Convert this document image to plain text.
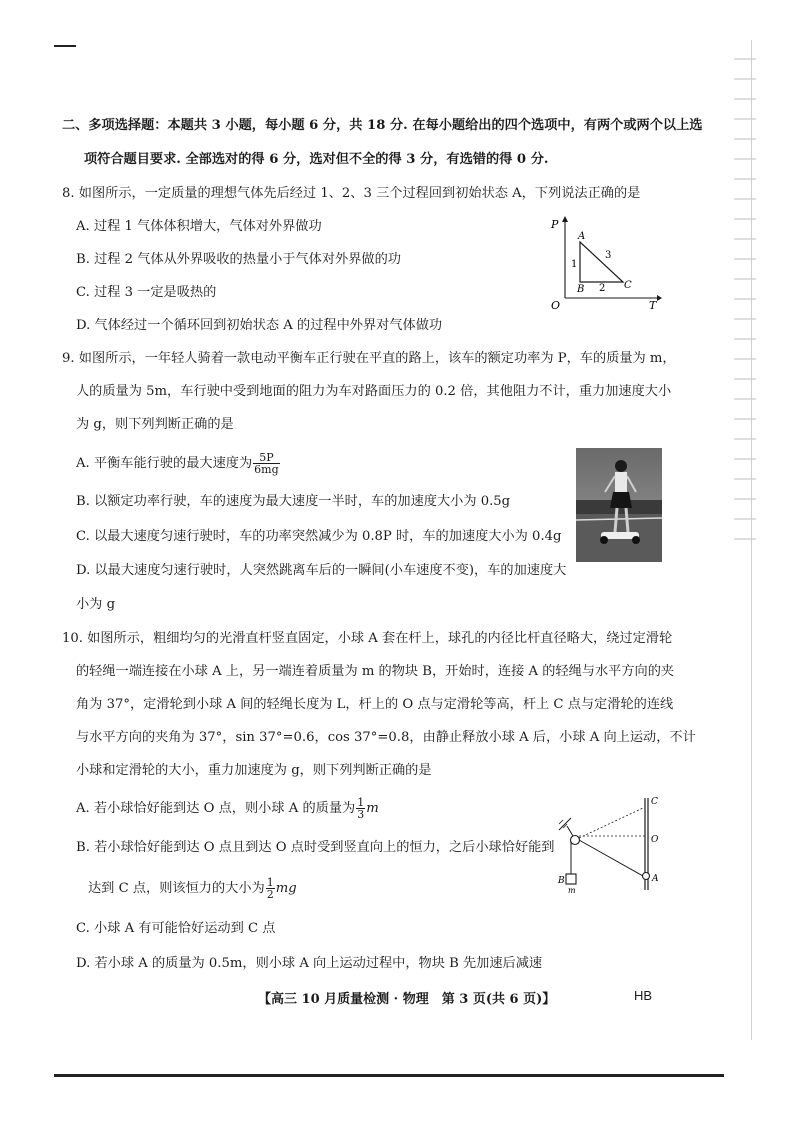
二、多项选择题：本题共 3 小题，每小题 6 分，共 18 分. 在每小题给出的四个选项中，有两个或两个以上选
项符合题目要求. 全部选对的得 6 分，选对但不全的得 3 分，有选错的得 0 分.
8. 如图所示，一定质量的理想气体先后经过 1、2、3 三个过程回到初始状态 A，下列说法正确的是
A. 过程 1 气体体积增大，气体对外界做功
B. 过程 2 气体从外界吸收的热量小于气体对外界做的功
C. 过程 3 一定是吸热的
D. 气体经过一个循环回到初始状态 A 的过程中外界对气体做功
P
T
O
A
B	C
1
2
3
9. 如图所示，一年轻人骑着一款电动平衡车正行驶在平直的路上，该车的额定功率为 P，车的质量为 m，
人的质量为 5m，车行驶中受到地面的阻力为车对路面压力的 0.2 倍，其他阻力不计，重力加速度大小
为 g，则下列判断正确的是
A. 平衡车能行驶的最大速度为 $\frac{5P}{6mg}$
B. 以额定功率行驶，车的速度为最大速度一半时，车的加速度大小为 0.5g
C. 以最大速度匀速行驶时，车的功率突然减少为 0.8P 时，车的加速度大小为 0.4g
D. 以最大速度匀速行驶时，人突然跳离车后的一瞬间(小车速度不变)，车的加速度大
小为 g
10. 如图所示，粗细均匀的光滑直杆竖直固定，小球 A 套在杆上，球孔的内径比杆直径略大，绕过定滑轮
的轻绳一端连接在小球 A 上，另一端连着质量为 m 的物块 B，开始时，连接 A 的轻绳与水平方向的夹
角为 37°，定滑轮到小球 A 间的轻绳长度为 L，杆上的 O 点与定滑轮等高，杆上 C 点与定滑轮的连线
与水平方向的夹角为 37°，sin 37°=0.6，cos 37°=0.8，由静止释放小球 A 后，小球 A 向上运动，不计
小球和定滑轮的大小，重力加速度为 g，则下列判断正确的是
A. 若小球恰好能到达 O 点，则小球 A 的质量为 $\frac{1}{3}$ m
B. 若小球恰好能到达 O 点且到达 O 点时受到竖直向上的恒力，之后小球恰好能到
达到 C 点，则该恒力的大小为 $\frac{1}{2}$ mg
C. 小球 A 有可能恰好运动到 C 点
D. 若小球 A 的质量为 0.5m，则小球 A 向上运动过程中，物块 B 先加速后减速
C
O
A
B
m
【高三 10 月质量检测 · 物理　第 3 页(共 6 页)】	HB
